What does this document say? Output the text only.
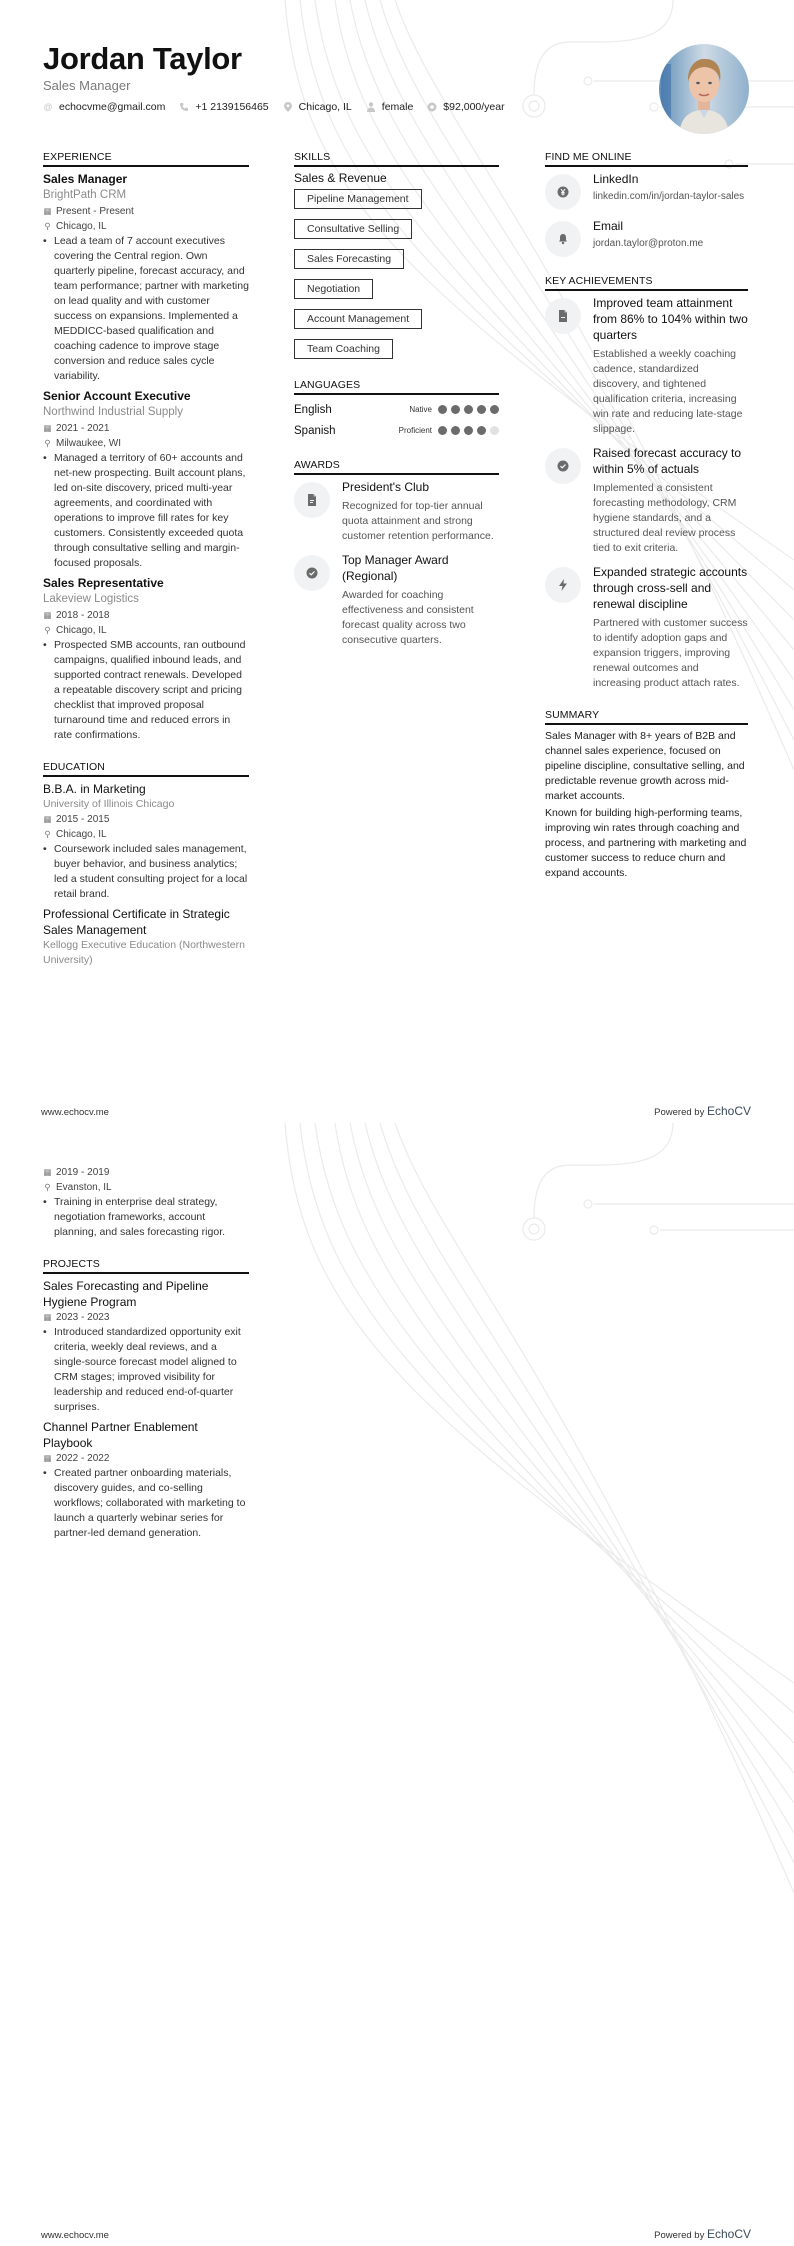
Jordan Taylor
Sales Manager
@ echocvme@gmail.com	+1 2139156465	Chicago, IL	female	$92,000/year
EXPERIENCE
Sales Manager
BrightPath CRM
▦ Present - Present
⚲ Chicago, IL
• Lead a team of 7 account executives covering the Central region. Own quarterly pipeline, forecast accuracy, and team performance; partner with marketing on lead quality and with customer success on expansions. Implemented a MEDDICC-based qualification and coaching cadence to improve stage conversion and reduce sales cycle variability.
Senior Account Executive
Northwind Industrial Supply
▦ 2021 - 2021
⚲ Milwaukee, WI
• Managed a territory of 60+ accounts and net-new prospecting. Built account plans, led on-site discovery, priced multi-year agreements, and coordinated with operations to improve fill rates for key customers. Consistently exceeded quota through consultative selling and margin-focused proposals.
Sales Representative
Lakeview Logistics
▦ 2018 - 2018
⚲ Chicago, IL
• Prospected SMB accounts, ran outbound campaigns, qualified inbound leads, and supported contract renewals. Developed a repeatable discovery script and pricing checklist that improved proposal turnaround time and reduced errors in rate confirmations.
EDUCATION
B.B.A. in Marketing
University of Illinois Chicago
▦ 2015 - 2015
⚲ Chicago, IL
• Coursework included sales management, buyer behavior, and business analytics; led a student consulting project for a local retail brand.
Professional Certificate in Strategic Sales Management
Kellogg Executive Education (Northwestern University)
SKILLS
Sales & Revenue
Pipeline Management
Consultative Selling
Sales Forecasting
Negotiation
Account Management
Team Coaching
LANGUAGES
English	Native
Spanish	Proficient
AWARDS
President's Club
Recognized for top-tier annual quota attainment and strong customer retention performance.
Top Manager Award (Regional)
Awarded for coaching effectiveness and consistent forecast quality across two consecutive quarters.
FIND ME ONLINE
LinkedIn
linkedin.com/in/jordan-taylor-sales
Email
jordan.taylor@proton.me
KEY ACHIEVEMENTS
Improved team attainment from 86% to 104% within two quarters
Established a weekly coaching cadence, standardized discovery, and tightened qualification criteria, increasing win rate and reducing late-stage slippage.
Raised forecast accuracy to within 5% of actuals
Implemented a consistent forecasting methodology, CRM hygiene standards, and a structured deal review process tied to exit criteria.
Expanded strategic accounts through cross-sell and renewal discipline
Partnered with customer success to identify adoption gaps and expansion triggers, improving renewal outcomes and increasing product attach rates.
SUMMARY

Sales Manager with 8+ years of B2B and channel sales experience, focused on pipeline discipline, consultative selling, and predictable revenue growth across mid-market accounts.

Known for building high-performing teams, improving win rates through coaching and process, and partnering with marketing and customer success to reduce churn and expand accounts.

www.echocv.me	Powered by EchoCV
▦ 2019 - 2019
⚲ Evanston, IL
• Training in enterprise deal strategy, negotiation frameworks, account planning, and sales forecasting rigor.
PROJECTS
Sales Forecasting and Pipeline Hygiene Program
▦ 2023 - 2023
• Introduced standardized opportunity exit criteria, weekly deal reviews, and a single-source forecast model aligned to CRM stages; improved visibility for leadership and reduced end-of-quarter surprises.
Channel Partner Enablement Playbook
▦ 2022 - 2022
• Created partner onboarding materials, discovery guides, and co-selling workflows; collaborated with marketing to launch a quarterly webinar series for partner-led demand generation.
www.echocv.me	Powered by EchoCV
